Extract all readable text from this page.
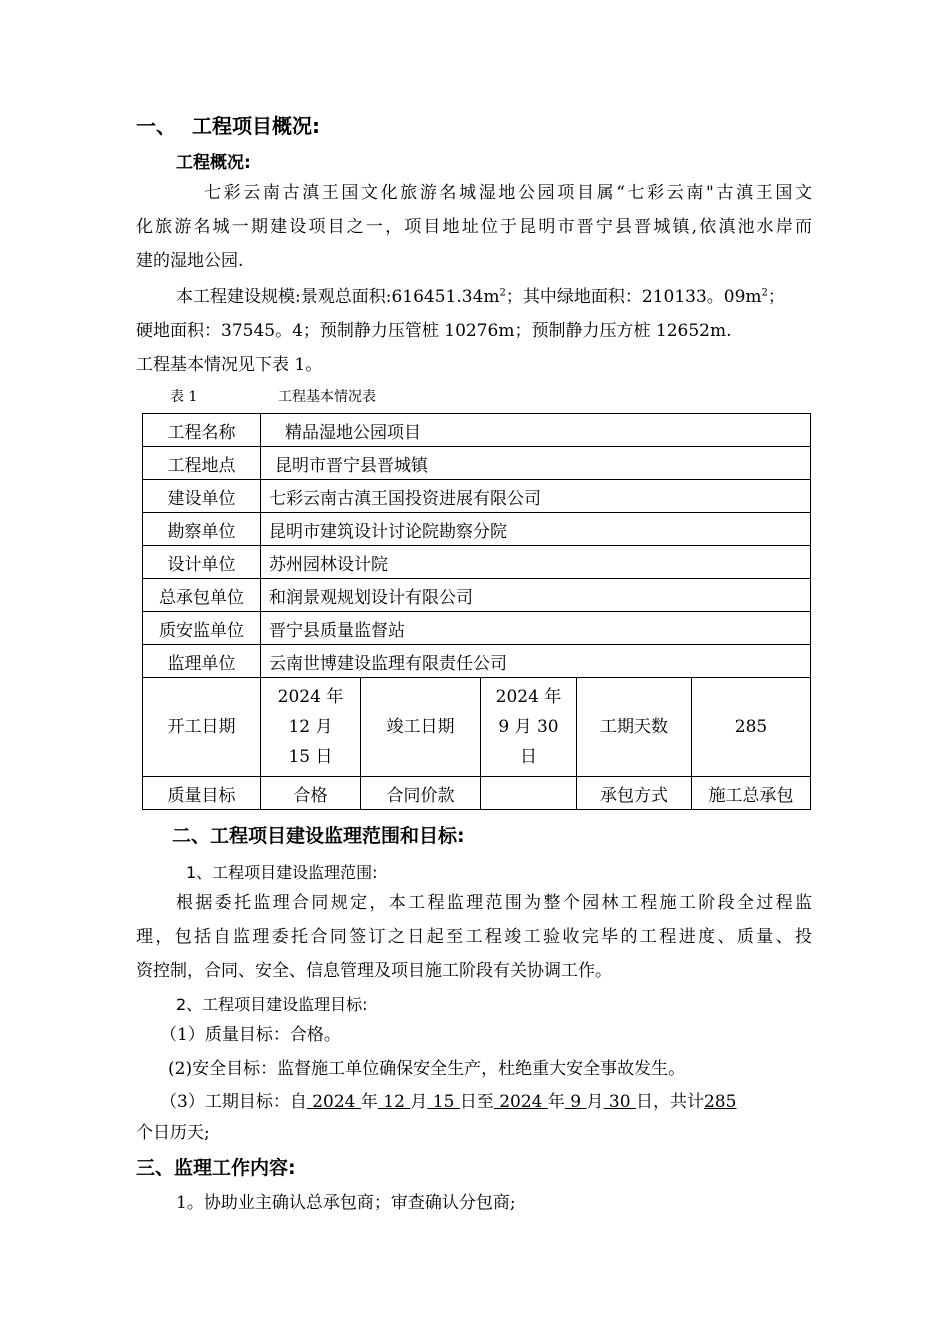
一、 工程项目概况:
工程概况:
七彩云南古滇王国文化旅游名城湿地公园项目属“七彩云南"古滇王国文
化旅游名城一期建设项目之一，项目地址位于昆明市晋宁县晋城镇,依滇池水岸而
建的湿地公园.
本工程建设规模:景观总面积$:616451.34m^2$；其中绿地面积：210133。$09m^2$；
硬地面积：37545。4；预制静力压管桩 10276m；预制静力压方桩 12652m.
工程基本情况见下表 1。
表 1	工程基本情况表
工程名称	精品湿地公园项目				
工程地点	昆明市晋宁县晋城镇				
建设单位	七彩云南古滇王国投资进展有限公司				
勘察单位	昆明市建筑设计讨论院勘察分院				
设计单位	苏州园林设计院				
总承包单位	和润景观规划设计有限公司				
质安监单位	晋宁县质量监督站				
监理单位	云南世博建设监理有限责任公司				
开工日期	2024 年 12 月 15 日	竣工日期	2024 年 9 月 30 日	工期天数	285
质量目标	合格	合同价款		承包方式	施工总承包
二、工程项目建设监理范围和目标:
1、工程项目建设监理范围:
根据委托监理合同规定，本工程监理范围为整个园林工程施工阶段全过程监
理，包括自监理委托合同签订之日起至工程竣工验收完毕的工程进度、质量、投
资控制，合同、安全、信息管理及项目施工阶段有关协调工作。
2、工程项目建设监理目标:
（1）质量目标：合格。
(2)安全目标：监督施工单位确保安全生产，杜绝重大安全事故发生。
（3）工期目标：自 2024 年 12 月 15 日至 2024 年 9 月 30 日，共计285
个日历天;
三、监理工作内容:
1。协助业主确认总承包商；审查确认分包商;
